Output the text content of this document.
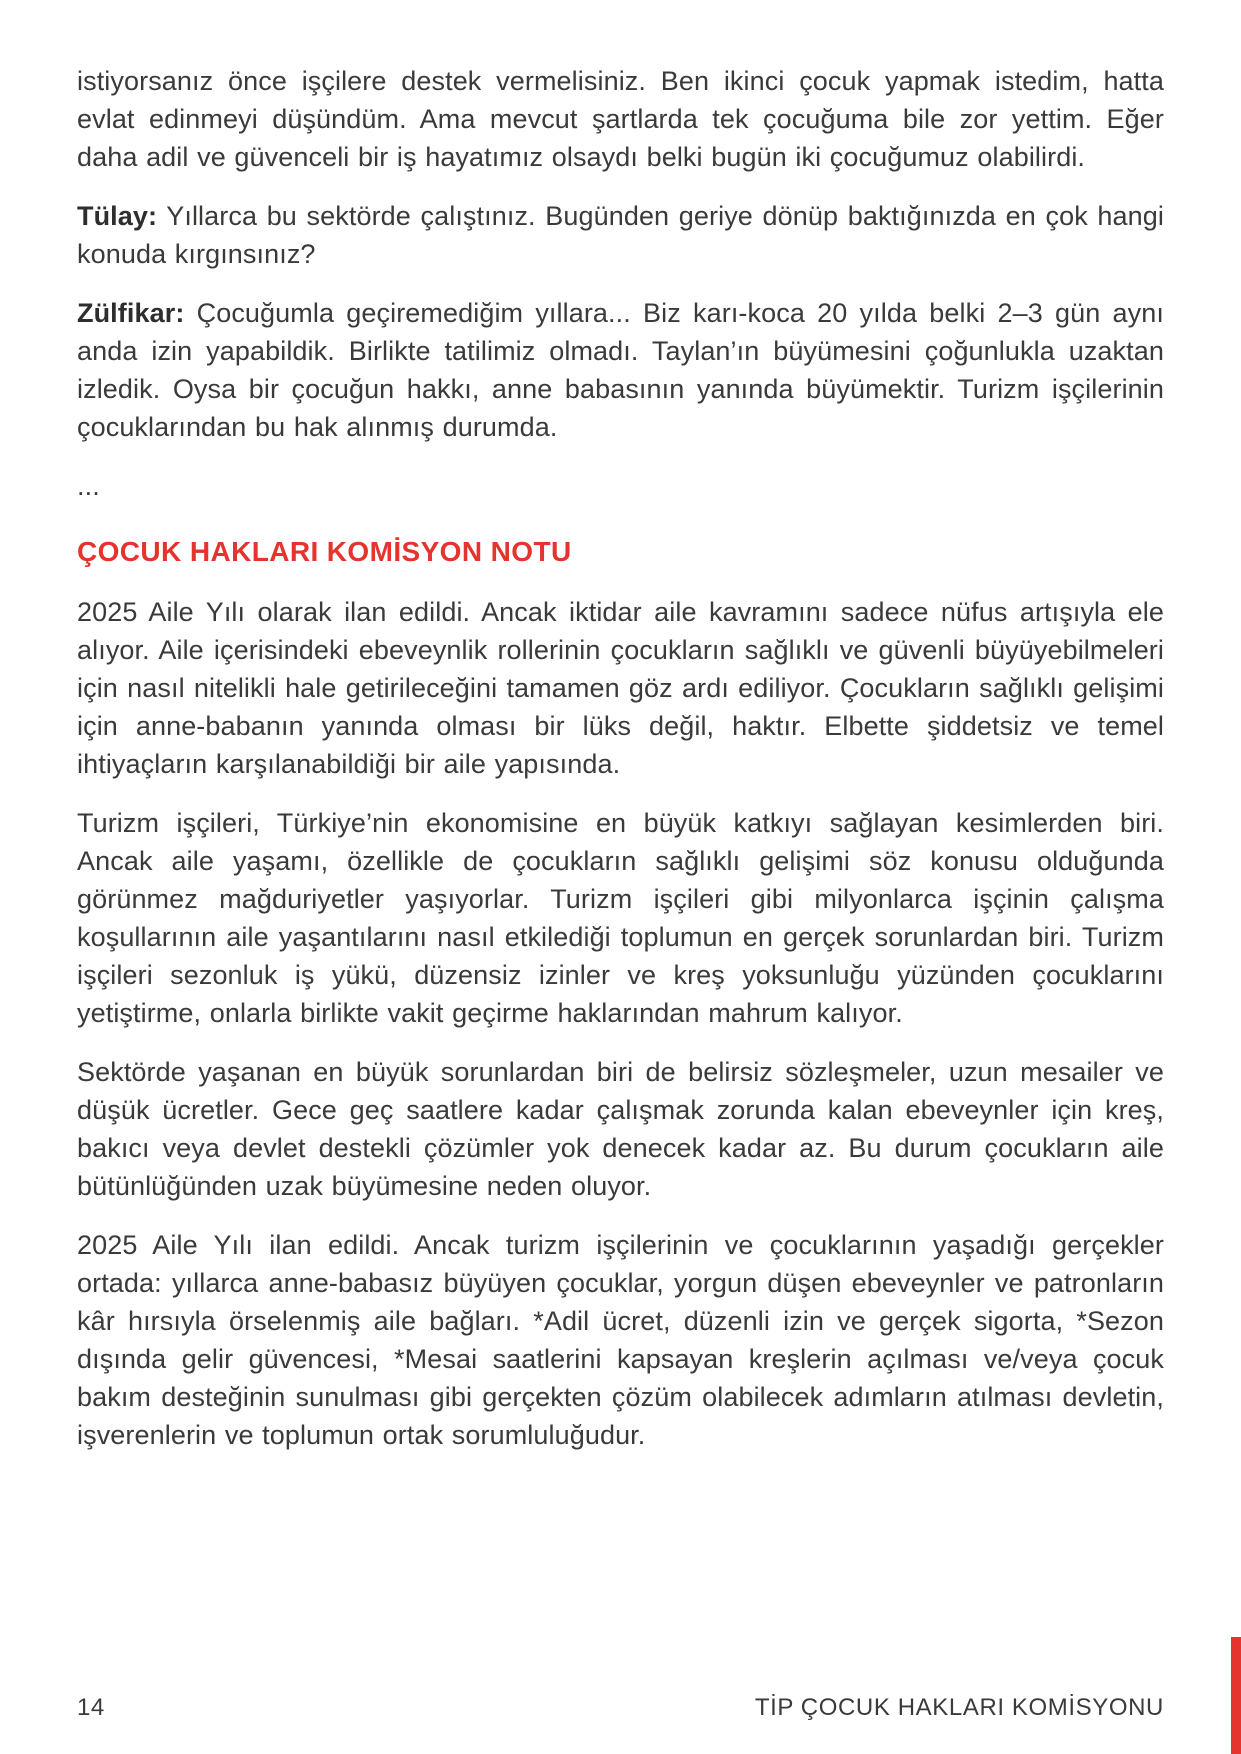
istiyorsanız önce işçilere destek vermelisiniz. Ben ikinci çocuk yapmak istedim, hatta evlat edinmeyi düşündüm. Ama mevcut şartlarda tek çocuğuma bile zor yettim. Eğer daha adil ve güvenceli bir iş hayatımız olsaydı belki bugün iki çocuğumuz olabilirdi.

Tülay: Yıllarca bu sektörde çalıştınız. Bugünden geriye dönüp baktığınızda en çok hangi konuda kırgınsınız?

Zülfikar: Çocuğumla geçiremediğim yıllara... Biz karı-koca 20 yılda belki 2–3 gün aynı anda izin yapabildik. Birlikte tatilimiz olmadı. Taylan’ın büyümesini çoğunlukla uzaktan izledik. Oysa bir çocuğun hakkı, anne babasının yanında büyümektir. Turizm işçilerinin çocuklarından bu hak alınmış durumda.

...

ÇOCUK HAKLARI KOMİSYON NOTU

2025 Aile Yılı olarak ilan edildi. Ancak iktidar aile kavramını sadece nüfus artışıyla ele alıyor. Aile içerisindeki ebeveynlik rollerinin çocukların sağlıklı ve güvenli büyüyebilmeleri için nasıl nitelikli hale getirileceğini tamamen göz ardı ediliyor. Çocukların sağlıklı gelişimi için anne-babanın yanında olması bir lüks değil, haktır. Elbette şiddetsiz ve temel ihtiyaçların karşılanabildiği bir aile yapısında.

Turizm işçileri, Türkiye’nin ekonomisine en büyük katkıyı sağlayan kesimlerden biri. Ancak aile yaşamı, özellikle de çocukların sağlıklı gelişimi söz konusu olduğunda görünmez mağduriyetler yaşıyorlar. Turizm işçileri gibi milyonlarca işçinin çalışma koşullarının aile yaşantılarını nasıl etkilediği toplumun en gerçek sorunlardan biri. Turizm işçileri sezonluk iş yükü, düzensiz izinler ve kreş yoksunluğu yüzünden çocuklarını yetiştirme, onlarla birlikte vakit geçirme haklarından mahrum kalıyor.

Sektörde yaşanan en büyük sorunlardan biri de belirsiz sözleşmeler, uzun mesailer ve düşük ücretler. Gece geç saatlere kadar çalışmak zorunda kalan ebeveynler için kreş, bakıcı veya devlet destekli çözümler yok denecek kadar az. Bu durum çocukların aile bütünlüğünden uzak büyümesine neden oluyor.

2025 Aile Yılı ilan edildi. Ancak turizm işçilerinin ve çocuklarının yaşadığı gerçekler ortada: yıllarca anne-babasız büyüyen çocuklar, yorgun düşen ebeveynler ve patronların kâr hırsıyla örselenmiş aile bağları. *Adil ücret, düzenli izin ve gerçek sigorta, *Sezon dışında gelir güvencesi, *Mesai saatlerini kapsayan kreşlerin açılması ve/veya çocuk bakım desteğinin sunulması gibi gerçekten çözüm olabilecek adımların atılması devletin, işverenlerin ve toplumun ortak sorumluluğudur.

14	TİP ÇOCUK HAKLARI KOMİSYONU
